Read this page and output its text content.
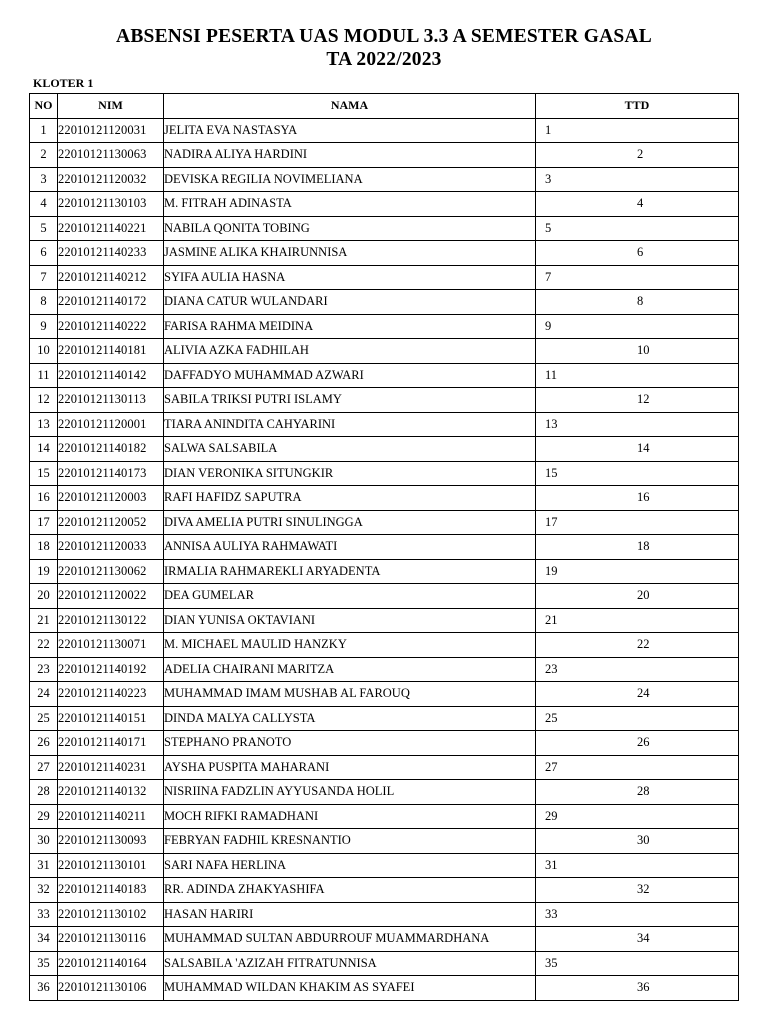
ABSENSI PESERTA UAS MODUL 3.3 A SEMESTER GASAL
TA 2022/2023
KLOTER 1
NO	NIM	NAMA	TTD
1	22010121120031	JELITA EVA NASTASYA	1

2	22010121130063	NADIRA ALIYA HARDINI	2

3	22010121120032	DEVISKA REGILIA NOVIMELIANA	3

4	22010121130103	M. FITRAH ADINASTA	4

5	22010121140221	NABILA QONITA TOBING	5

6	22010121140233	JASMINE ALIKA KHAIRUNNISA	6

7	22010121140212	SYIFA AULIA HASNA	7

8	22010121140172	DIANA CATUR WULANDARI	8

9	22010121140222	FARISA RAHMA MEIDINA	9

10	22010121140181	ALIVIA AZKA FADHILAH	10

11	22010121140142	DAFFADYO MUHAMMAD AZWARI	11

12	22010121130113	SABILA TRIKSI PUTRI ISLAMY	12

13	22010121120001	TIARA ANINDITA CAHYARINI	13

14	22010121140182	SALWA SALSABILA	14

15	22010121140173	DIAN VERONIKA SITUNGKIR	15

16	22010121120003	RAFI HAFIDZ SAPUTRA	16

17	22010121120052	DIVA AMELIA PUTRI SINULINGGA	17

18	22010121120033	ANNISA AULIYA RAHMAWATI	18

19	22010121130062	IRMALIA RAHMAREKLI ARYADENTA	19

20	22010121120022	DEA GUMELAR	20

21	22010121130122	DIAN YUNISA OKTAVIANI	21

22	22010121130071	M. MICHAEL MAULID HANZKY	22

23	22010121140192	ADELIA CHAIRANI MARITZA	23

24	22010121140223	MUHAMMAD IMAM MUSHAB AL FAROUQ	24

25	22010121140151	DINDA MALYA CALLYSTA	25

26	22010121140171	STEPHANO PRANOTO	26

27	22010121140231	AYSHA PUSPITA MAHARANI	27

28	22010121140132	NISRIINA FADZLIN AYYUSANDA HOLIL	28

29	22010121140211	MOCH RIFKI RAMADHANI	29

30	22010121130093	FEBRYAN FADHIL KRESNANTIO	30

31	22010121130101	SARI NAFA HERLINA	31

32	22010121140183	RR. ADINDA ZHAKYASHIFA	32

33	22010121130102	HASAN HARIRI	33

34	22010121130116	MUHAMMAD SULTAN ABDURROUF MUAMMARDHANA	34

35	22010121140164	SALSABILA 'AZIZAH FITRATUNNISA	35

36	22010121130106	MUHAMMAD WILDAN KHAKIM AS SYAFEI	36
